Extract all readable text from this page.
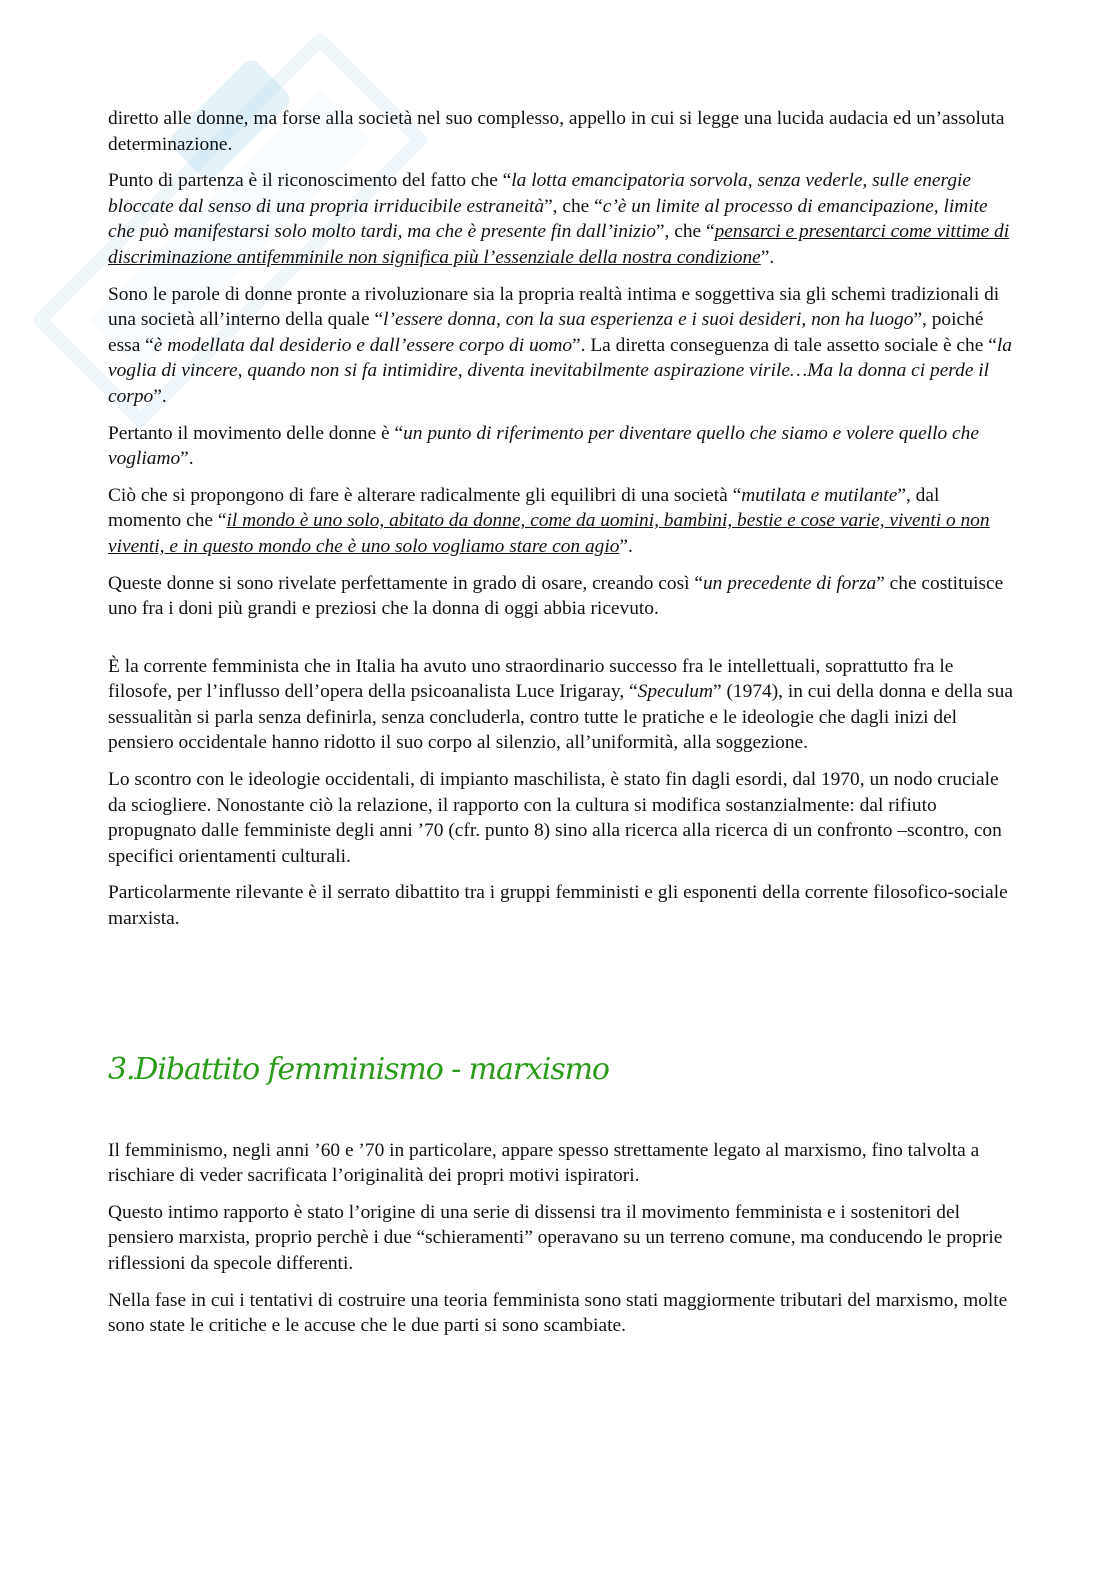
diretto alle donne, ma forse alla società nel suo complesso, appello in cui si legge una lucida audacia ed un’assoluta determinazione.

Punto di partenza è il riconoscimento del fatto che “la lotta emancipatoria sorvola, senza vederle, sulle energie bloccate dal senso di una propria irriducibile estraneità”, che “c’è un limite al processo di emancipazione, limite che può manifestarsi solo molto tardi, ma che è presente fin dall’inizio”, che “pensarci e presentarci come vittime di discriminazione antifemminile non significa più l’essenziale della nostra condizione”.

Sono le parole di donne pronte a rivoluzionare sia la propria realtà intima e soggettiva sia gli schemi tradizionali di una società all’interno della quale “l’essere donna, con la sua esperienza e i suoi desideri, non ha luogo”, poiché essa “è modellata dal desiderio e dall’essere corpo di uomo”. La diretta conseguenza di tale assetto sociale è che “la voglia di vincere, quando non si fa intimidire, diventa inevitabilmente aspirazione virile…Ma la donna ci perde il corpo”.

Pertanto il movimento delle donne è “un punto di riferimento per diventare quello che siamo e volere quello che vogliamo”.

Ciò che si propongono di fare è alterare radicalmente gli equilibri di una società “mutilata e mutilante”, dal momento che “il mondo è uno solo, abitato da donne, come da uomini, bambini, bestie e cose varie, viventi o non viventi, e in questo mondo che è uno solo vogliamo stare con agio”.

Queste donne si sono rivelate perfettamente in grado di osare, creando così “un precedente di forza” che costituisce uno fra i doni più grandi e preziosi che la donna di oggi abbia ricevuto.

È la corrente femminista che in Italia ha avuto uno straordinario successo fra le intellettuali, soprattutto fra le filosofe, per l’influsso dell’opera della psicoanalista Luce Irigaray, “Speculum” (1974), in cui della donna e della sua sessualitàn si parla senza definirla, senza concluderla, contro tutte le pratiche e le ideologie che dagli inizi del pensiero occidentale hanno ridotto il suo corpo al silenzio, all’uniformità, alla soggezione.

Lo scontro con le ideologie occidentali, di impianto maschilista, è stato fin dagli esordi, dal 1970, un nodo cruciale da sciogliere. Nonostante ciò la relazione, il rapporto con la cultura si modifica sostanzialmente: dal rifiuto propugnato dalle femministe degli anni ’70 (cfr. punto 8) sino alla ricerca alla ricerca di un confronto –scontro, con specifici orientamenti culturali.

Particolarmente rilevante è il serrato dibattito tra i gruppi femministi e gli esponenti della corrente filosofico-sociale marxista.

3.Dibattito femminismo - marxismo

Il femminismo, negli anni ’60 e ’70 in particolare, appare spesso strettamente legato al marxismo, fino talvolta a rischiare di veder sacrificata l’originalità dei propri motivi ispiratori.

Questo intimo rapporto è stato l’origine di una serie di dissensi tra il movimento femminista e i sostenitori del pensiero marxista, proprio perchè i due “schieramenti” operavano su un terreno comune, ma conducendo le proprie riflessioni da specole differenti.

Nella fase in cui i tentativi di costruire una teoria femminista sono stati maggiormente tributari del marxismo, molte sono state le critiche e le accuse che le due parti si sono scambiate.
